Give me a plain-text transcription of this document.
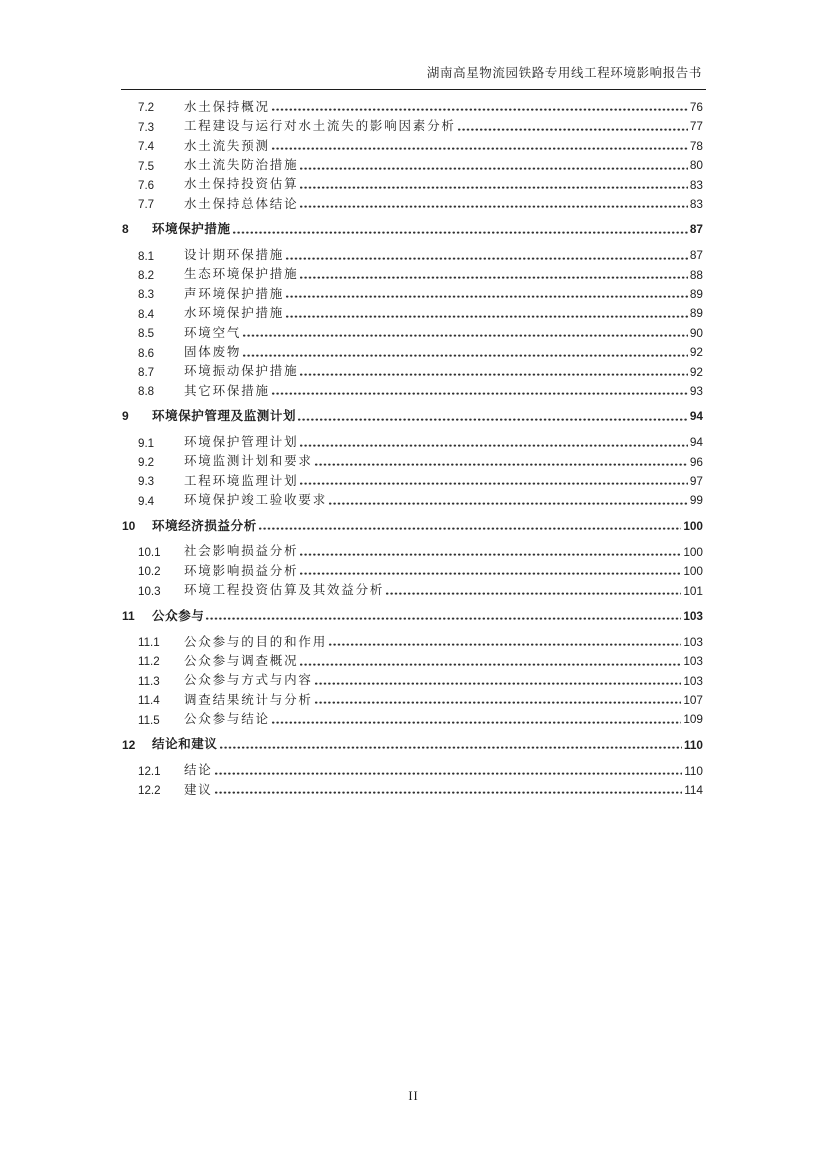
湖南高星物流园铁路专用线工程环境影响报告书
7.2	水土保持概况	76
7.3	工程建设与运行对水土流失的影响因素分析	77
7.4	水土流失预测	78
7.5	水土流失防治措施	80
7.6	水土保持投资估算	83
7.7	水土保持总体结论	83
8	环境保护措施	87
8.1	设计期环保措施	87
8.2	生态环境保护措施	88
8.3	声环境保护措施	89
8.4	水环境保护措施	89
8.5	环境空气	90
8.6	固体废物	92
8.7	环境振动保护措施	92
8.8	其它环保措施	93
9	环境保护管理及监测计划	94
9.1	环境保护管理计划	94
9.2	环境监测计划和要求	96
9.3	工程环境监理计划	97
9.4	环境保护竣工验收要求	99
10	环境经济损益分析	100
10.1	社会影响损益分析	100
10.2	环境影响损益分析	100
10.3	环境工程投资估算及其效益分析	101
11	公众参与	103
11.1	公众参与的目的和作用	103
11.2	公众参与调查概况	103
11.3	公众参与方式与内容	103
11.4	调查结果统计与分析	107
11.5	公众参与结论	109
12	结论和建议	110
12.1	结论	110
12.2	建议	114
II
